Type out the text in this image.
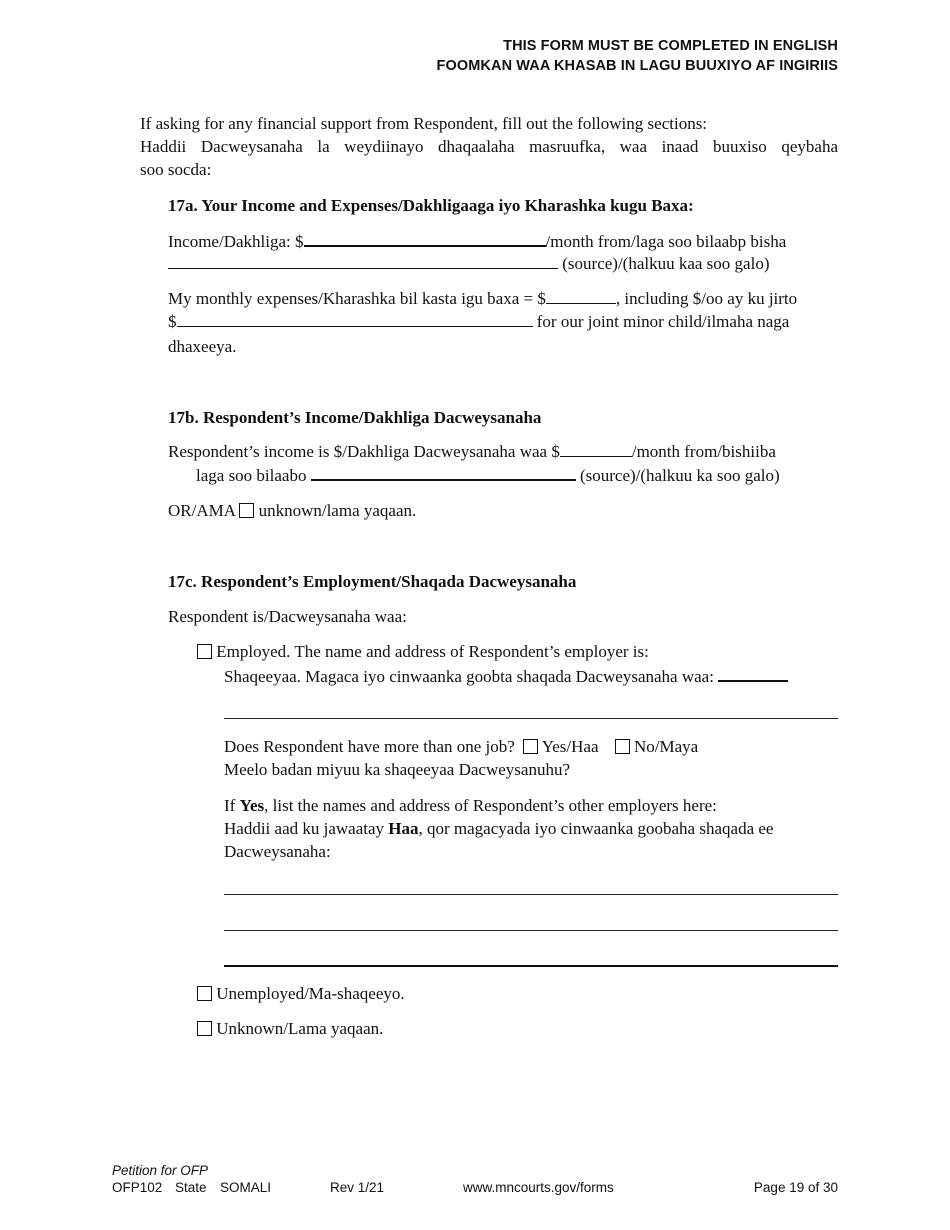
THIS FORM MUST BE COMPLETED IN ENGLISH
FOOMKAN WAA KHASAB IN LAGU BUUXIYO AF INGIRIIS
If asking for any financial support from Respondent, fill out the following sections:
Haddii Dacweysanaha la weydiinayo dhaqaalaha masruufka, waa inaad buuxiso qeybaha
soo socda:
17a. Your Income and Expenses/Dakhligaaga iyo Kharashka kugu Baxa:
Income/Dakhliga: $	/month from/laga soo bilaabp bisha
(source)/(halkuu kaa soo galo)
My monthly expenses/Kharashka bil kasta igu baxa = $	, including $/oo ay ku jirto
$	for our joint minor child/ilmaha naga
dhaxeeya.
17b. Respondent’s Income/Dakhliga Dacweysanaha
Respondent’s income is $/Dakhliga Dacweysanaha waa $	/month from/bishiiba
laga soo bilaabo	(source)/(halkuu ka soo galo)
OR/AMA unknown/lama yaqaan.
17c. Respondent’s Employment/Shaqada Dacweysanaha
Respondent is/Dacweysanaha waa:
Employed. The name and address of Respondent’s employer is:
Shaqeeyaa. Magaca iyo cinwaanka goobta shaqada Dacweysanaha waa:
Does Respondent have more than one job? Yes/Haa No/Maya
Meelo badan miyuu ka shaqeeyaa Dacweysanuhu?
If Yes, list the names and address of Respondent’s other employers here:
Haddii aad ku jawaatay Haa, qor magacyada iyo cinwaanka goobaha shaqada ee
Dacweysanaha:
Unemployed/Ma-shaqeeyo.
Unknown/Lama yaqaan.
Petition for OFP
OFP102 State SOMALI	Rev 1/21	www.mncourts.gov/forms	Page 19 of 30
